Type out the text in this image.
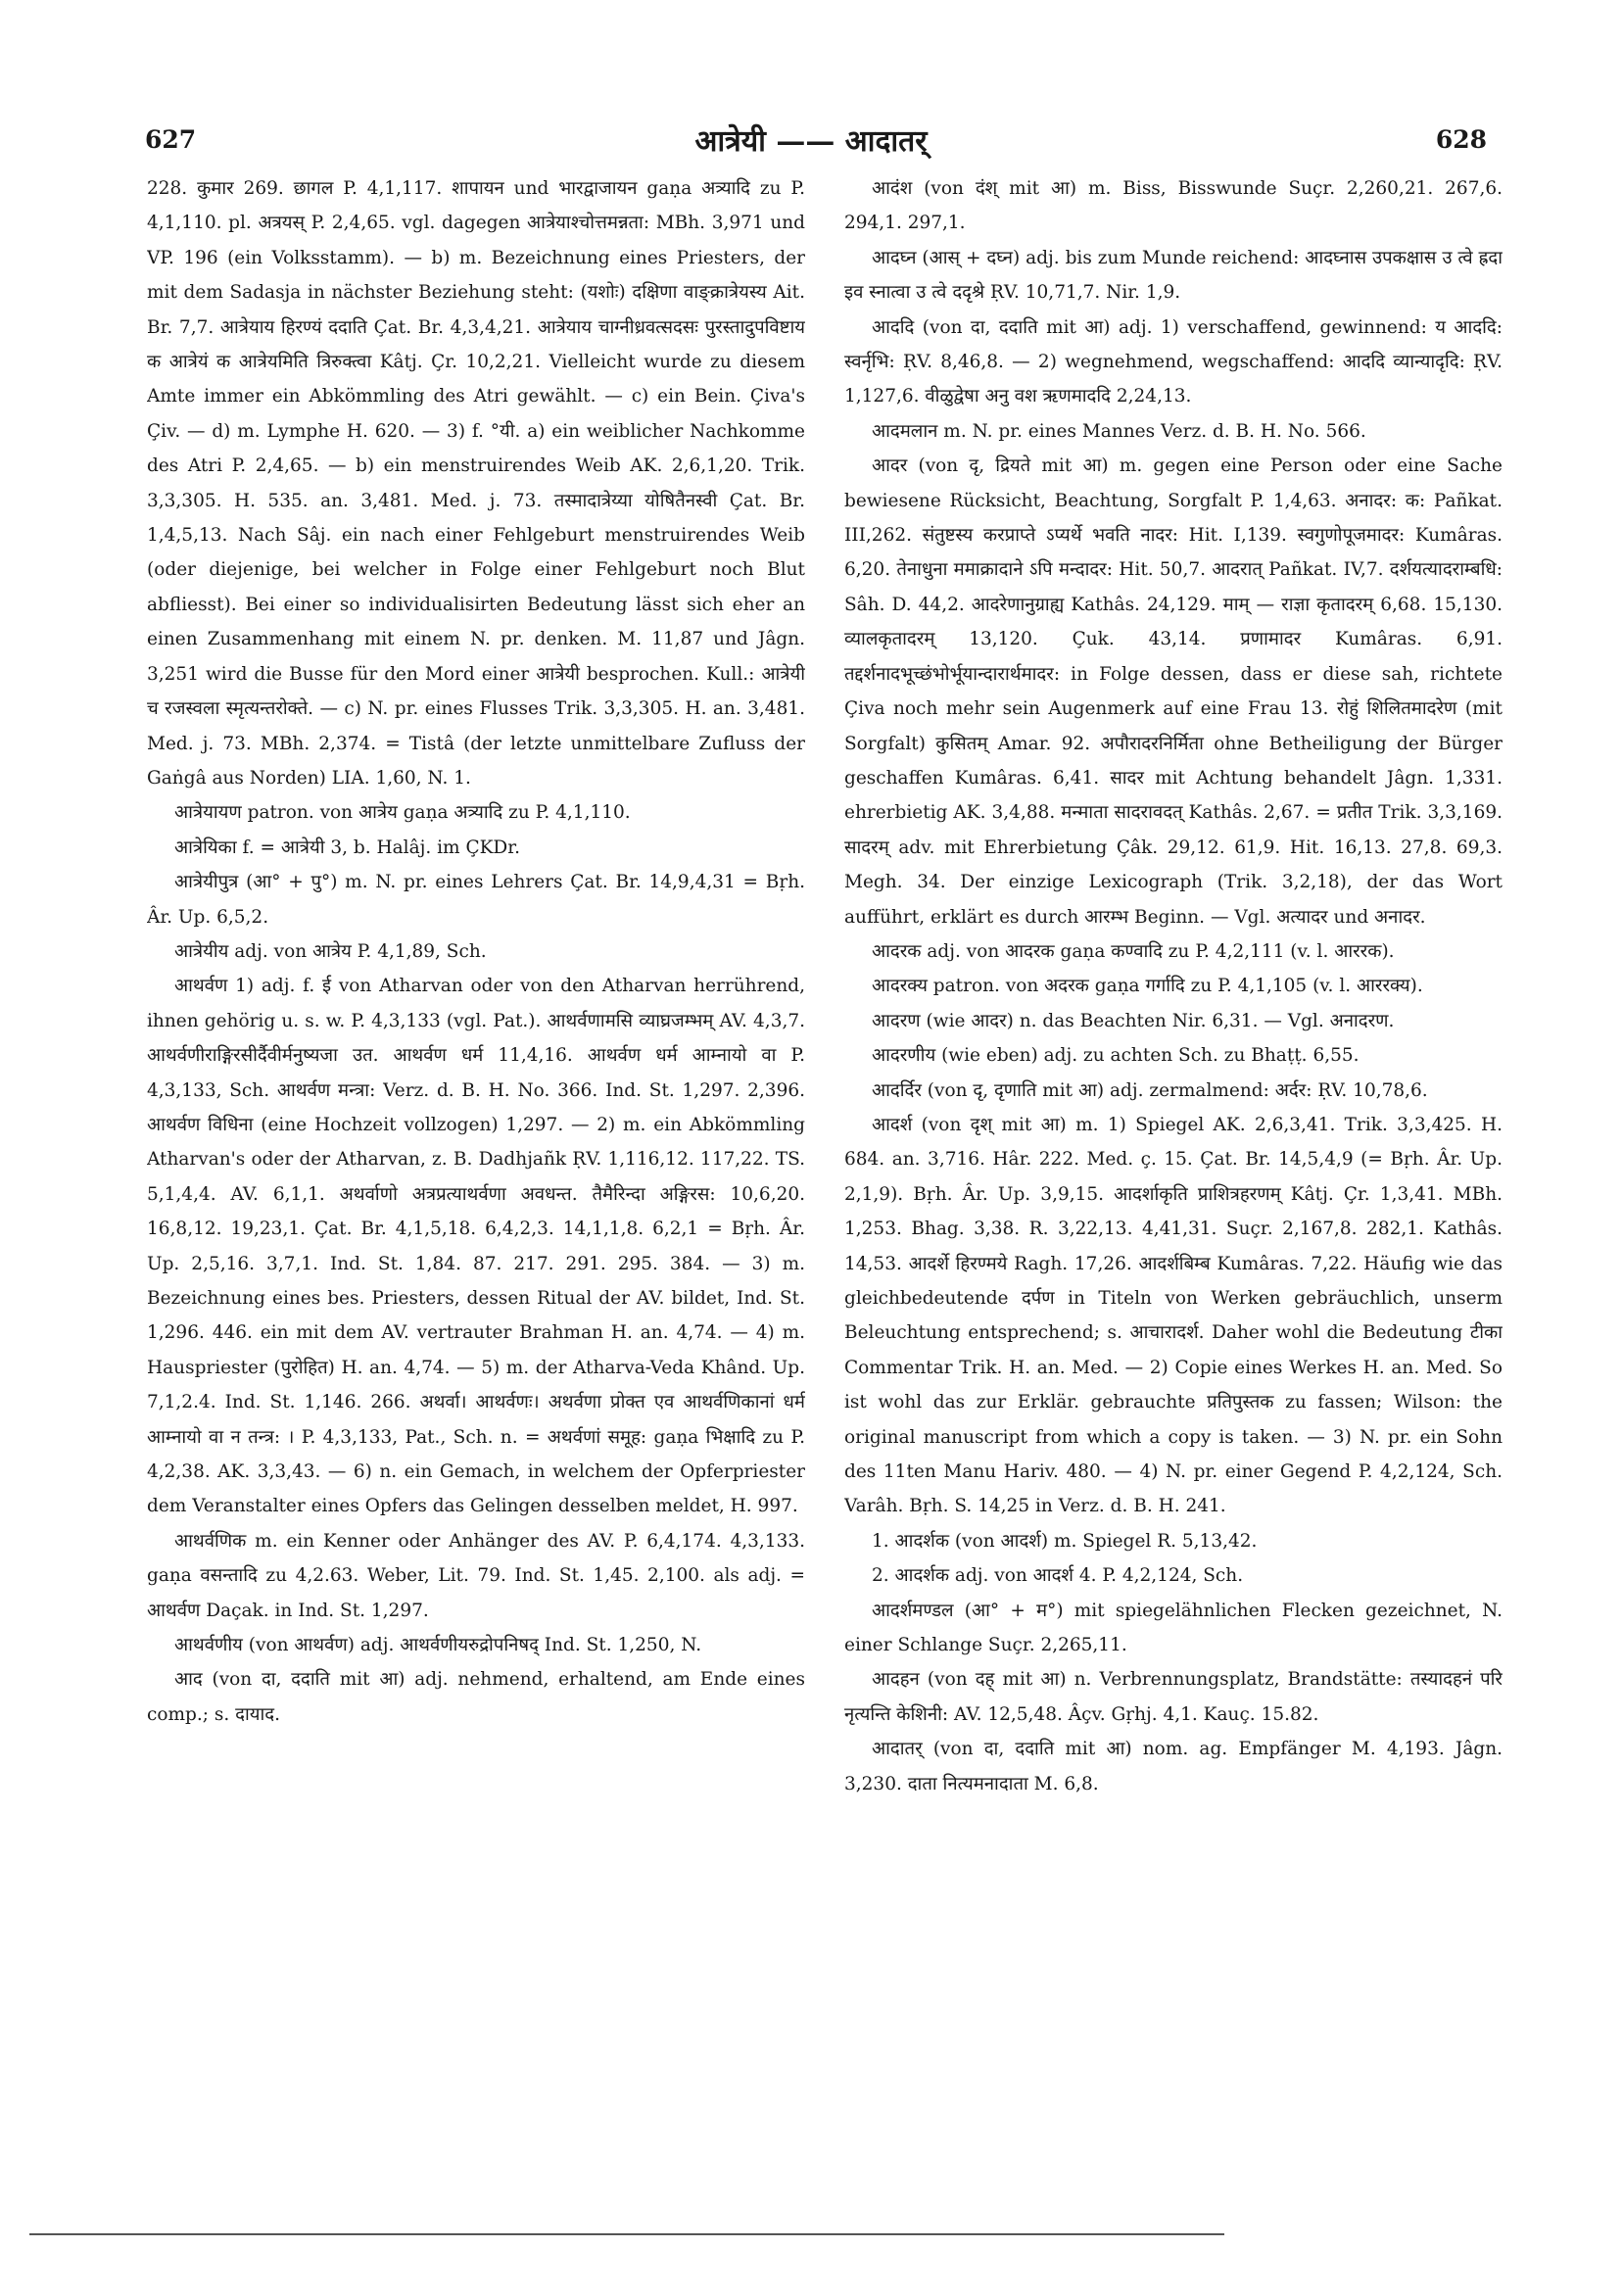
627	आत्रेयी —— आदातर्	628

228. कुमार 269. छागल P. 4,1,117. शापायन und भारद्वाजायन gaṇa अत्र्यादि zu P. 4,1,110. pl. अत्रयस् P. 2,4,65. vgl. dagegen आत्रेयाश्चोत्तमन्नता: MBh. 3,971 und VP. 196 (ein Volksstamm). — b) m. Bezeichnung eines Priesters, der mit dem Sadasja in nächster Beziehung steht: (यशोः) दक्षिणा वाङ्क्रात्रेयस्य Ait. Br. 7,7. आत्रेयाय हिरण्यं ददाति Çat. Br. 4,3,4,21. आत्रेयाय चाग्नीध्रवत्सदसः पुरस्तादुपविष्टाय क आत्रेयं क आत्रेयमिति त्रिरुक्त्वा Kâtj. Çr. 10,2,21. Vielleicht wurde zu diesem Amte immer ein Abkömmling des Atri gewählt. — c) ein Bein. Çiva's Çiv. — d) m. Lymphe H. 620. — 3) f. °यी. a) ein weiblicher Nachkomme des Atri P. 2,4,65. — b) ein menstruirendes Weib AK. 2,6,1,20. Trik. 3,3,305. H. 535. an. 3,481. Med. j. 73. तस्मादात्रेय्या योषितैनस्वी Çat. Br. 1,4,5,13. Nach Sâj. ein nach einer Fehlgeburt menstruirendes Weib (oder diejenige, bei welcher in Folge einer Fehlgeburt noch Blut abfliesst). Bei einer so individualisirten Bedeutung lässt sich eher an einen Zusammenhang mit einem N. pr. denken. M. 11,87 und Jâgn. 3,251 wird die Busse für den Mord einer आत्रेयी besprochen. Kull.: आत्रेयी च रजस्वला स्मृत्यन्तरोक्ते. — c) N. pr. eines Flusses Trik. 3,3,305. H. an. 3,481. Med. j. 73. MBh. 2,374. = Tistâ (der letzte unmittelbare Zufluss der Gaṅgâ aus Norden) LIA. 1,60, N. 1.

आत्रेयायण patron. von आत्रेय gaṇa अत्र्यादि zu P. 4,1,110.

आत्रेयिका f. = आत्रेयी 3, b. Halâj. im ÇKDr.

आत्रेयीपुत्र (आ° + पु°) m. N. pr. eines Lehrers Çat. Br. 14,9,4,31 = Bṛh. Âr. Up. 6,5,2.

आत्रेयीय adj. von आत्रेय P. 4,1,89, Sch.

आथर्वण 1) adj. f. ई von Atharvan oder von den Atharvan herrührend, ihnen gehörig u. s. w. P. 4,3,133 (vgl. Pat.). आथर्वणामसि व्याघ्रजम्भम् AV. 4,3,7. आथर्वणीराङ्गिरसीर्दैवीर्मनुष्यजा उत. आथर्वण धर्म 11,4,16. आथर्वण धर्म आम्नायो वा P. 4,3,133, Sch. आथर्वण मन्त्रा: Verz. d. B. H. No. 366. Ind. St. 1,297. 2,396. आथर्वण विधिना (eine Hochzeit vollzogen) 1,297. — 2) m. ein Abkömmling Atharvan's oder der Atharvan, z. B. Dadhjañk ṚV. 1,116,12. 117,22. TS. 5,1,4,4. AV. 6,1,1. अथर्वाणो अत्रप्रत्याथर्वणा अवधन्त. तैमैरिन्दा अङ्गिरस: 10,6,20. 16,8,12. 19,23,1. Çat. Br. 4,1,5,18. 6,4,2,3. 14,1,1,8. 6,2,1 = Bṛh. Âr. Up. 2,5,16. 3,7,1. Ind. St. 1,84. 87. 217. 291. 295. 384. — 3) m. Bezeichnung eines bes. Priesters, dessen Ritual der AV. bildet, Ind. St. 1,296. 446. ein mit dem AV. vertrauter Brahman H. an. 4,74. — 4) m. Hauspriester (पुरोहित) H. an. 4,74. — 5) m. der Atharva-Veda Khând. Up. 7,1,2.4. Ind. St. 1,146. 266. अथर्वा। आथर्वणः। अथर्वणा प्रोक्त एव आथर्वणिकानां धर्म आम्नायो वा न तन्त्र: । P. 4,3,133, Pat., Sch. n. = अथर्वणां समूह: gaṇa भिक्षादि zu P. 4,2,38. AK. 3,3,43. — 6) n. ein Gemach, in welchem der Opferpriester dem Veranstalter eines Opfers das Gelingen desselben meldet, H. 997.

आथर्वणिक m. ein Kenner oder Anhänger des AV. P. 6,4,174. 4,3,133. gaṇa वसन्तादि zu 4,2.63. Weber, Lit. 79. Ind. St. 1,45. 2,100. als adj. = आथर्वण Daçak. in Ind. St. 1,297.

आथर्वणीय (von आथर्वण) adj. आथर्वणीयरुद्रोपनिषद् Ind. St. 1,250, N.

आद (von दा, ददाति mit आ) adj. nehmend, erhaltend, am Ende eines comp.; s. दायाद.

आदंश (von दंश् mit आ) m. Biss, Bisswunde Suçr. 2,260,21. 267,6. 294,1. 297,1.

आदघ्न (आस् + दघ्न) adj. bis zum Munde reichend: आदघ्नास उपकक्षास उ त्वे ह्रदा इव स्नात्वा उ त्वे ददृश्रे ṚV. 10,71,7. Nir. 1,9.

आददि (von दा, ददाति mit आ) adj. 1) verschaffend, gewinnend: य आददि: स्वर्नृभि: ṚV. 8,46,8. — 2) wegnehmend, wegschaffend: आददि व्यान्यादृदि: ṚV. 1,127,6. वीळुद्वेषा अनु वश ऋणमाददि 2,24,13.

आदमलान m. N. pr. eines Mannes Verz. d. B. H. No. 566.

आदर (von दृ, द्रियते mit आ) m. gegen eine Person oder eine Sache bewiesene Rücksicht, Beachtung, Sorgfalt P. 1,4,63. अनादर: क: Pañkat. III,262. संतुष्टस्य करप्राप्ते ऽप्यर्थे भवति नादर: Hit. I,139. स्वगुणोपूजमादर: Kumâras. 6,20. तेनाधुना ममाक्रादाने ऽपि मन्दादर: Hit. 50,7. आदरात् Pañkat. IV,7. दर्शयत्यादराम्बधि: Sâh. D. 44,2. आदरेणानुग्राह्य Kathâs. 24,129. माम् — राज्ञा कृतादरम् 6,68. 15,130. व्यालकृतादरम् 13,120. Çuk. 43,14. प्रणामादर Kumâras. 6,91. तद्दर्शनादभूच्छंभोर्भूयान्दारार्थमादर: in Folge dessen, dass er diese sah, richtete Çiva noch mehr sein Augenmerk auf eine Frau 13. रोहुं शिलितमादरेण (mit Sorgfalt) कुसितम् Amar. 92. अपौरादरनिर्मिता ohne Betheiligung der Bürger geschaffen Kumâras. 6,41. सादर mit Achtung behandelt Jâgn. 1,331. ehrerbietig AK. 3,4,88. मन्माता सादरावदत् Kathâs. 2,67. = प्रतीत Trik. 3,3,169. सादरम् adv. mit Ehrerbietung Çâk. 29,12. 61,9. Hit. 16,13. 27,8. 69,3. Megh. 34. Der einzige Lexicograph (Trik. 3,2,18), der das Wort aufführt, erklärt es durch आरम्भ Beginn. — Vgl. अत्यादर und अनादर.

आदरक adj. von आदरक gaṇa कण्वादि zu P. 4,2,111 (v. l. आररक).

आदरक्य patron. von अदरक gaṇa गर्गादि zu P. 4,1,105 (v. l. आररक्य).

आदरण (wie आदर) n. das Beachten Nir. 6,31. — Vgl. अनादरण.

आदरणीय (wie eben) adj. zu achten Sch. zu Bhaṭṭ. 6,55.

आदर्दिर (von दृ, दृणाति mit आ) adj. zermalmend: अर्दर: ṚV. 10,78,6.

आदर्श (von दृश् mit आ) m. 1) Spiegel AK. 2,6,3,41. Trik. 3,3,425. H. 684. an. 3,716. Hâr. 222. Med. ç. 15. Çat. Br. 14,5,4,9 (= Bṛh. Âr. Up. 2,1,9). Bṛh. Âr. Up. 3,9,15. आदर्शाकृति प्राशित्रहरणम् Kâtj. Çr. 1,3,41. MBh. 1,253. Bhag. 3,38. R. 3,22,13. 4,41,31. Suçr. 2,167,8. 282,1. Kathâs. 14,53. आदर्शे हिरण्मये Ragh. 17,26. आदर्शबिम्ब Kumâras. 7,22. Häufig wie das gleichbedeutende दर्पण in Titeln von Werken gebräuchlich, unserm Beleuchtung entsprechend; s. आचारादर्श. Daher wohl die Bedeutung टीका Commentar Trik. H. an. Med. — 2) Copie eines Werkes H. an. Med. So ist wohl das zur Erklär. gebrauchte प्रतिपुस्तक zu fassen; Wilson: the original manuscript from which a copy is taken. — 3) N. pr. ein Sohn des 11ten Manu Hariv. 480. — 4) N. pr. einer Gegend P. 4,2,124, Sch. Varâh. Bṛh. S. 14,25 in Verz. d. B. H. 241.

1. आदर्शक (von आदर्श) m. Spiegel R. 5,13,42.

2. आदर्शक adj. von आदर्श 4. P. 4,2,124, Sch.

आदर्शमण्डल (आ° + म°) mit spiegelähnlichen Flecken gezeichnet, N. einer Schlange Suçr. 2,265,11.

आदहन (von दह् mit आ) n. Verbrennungsplatz, Brandstätte: तस्यादहनं परि नृत्यन्ति केशिनी: AV. 12,5,48. Âçv. Gṛhj. 4,1. Kauç. 15.82.

आदातर् (von दा, ददाति mit आ) nom. ag. Empfänger M. 4,193. Jâgn. 3,230. दाता नित्यमनादाता M. 6,8.
